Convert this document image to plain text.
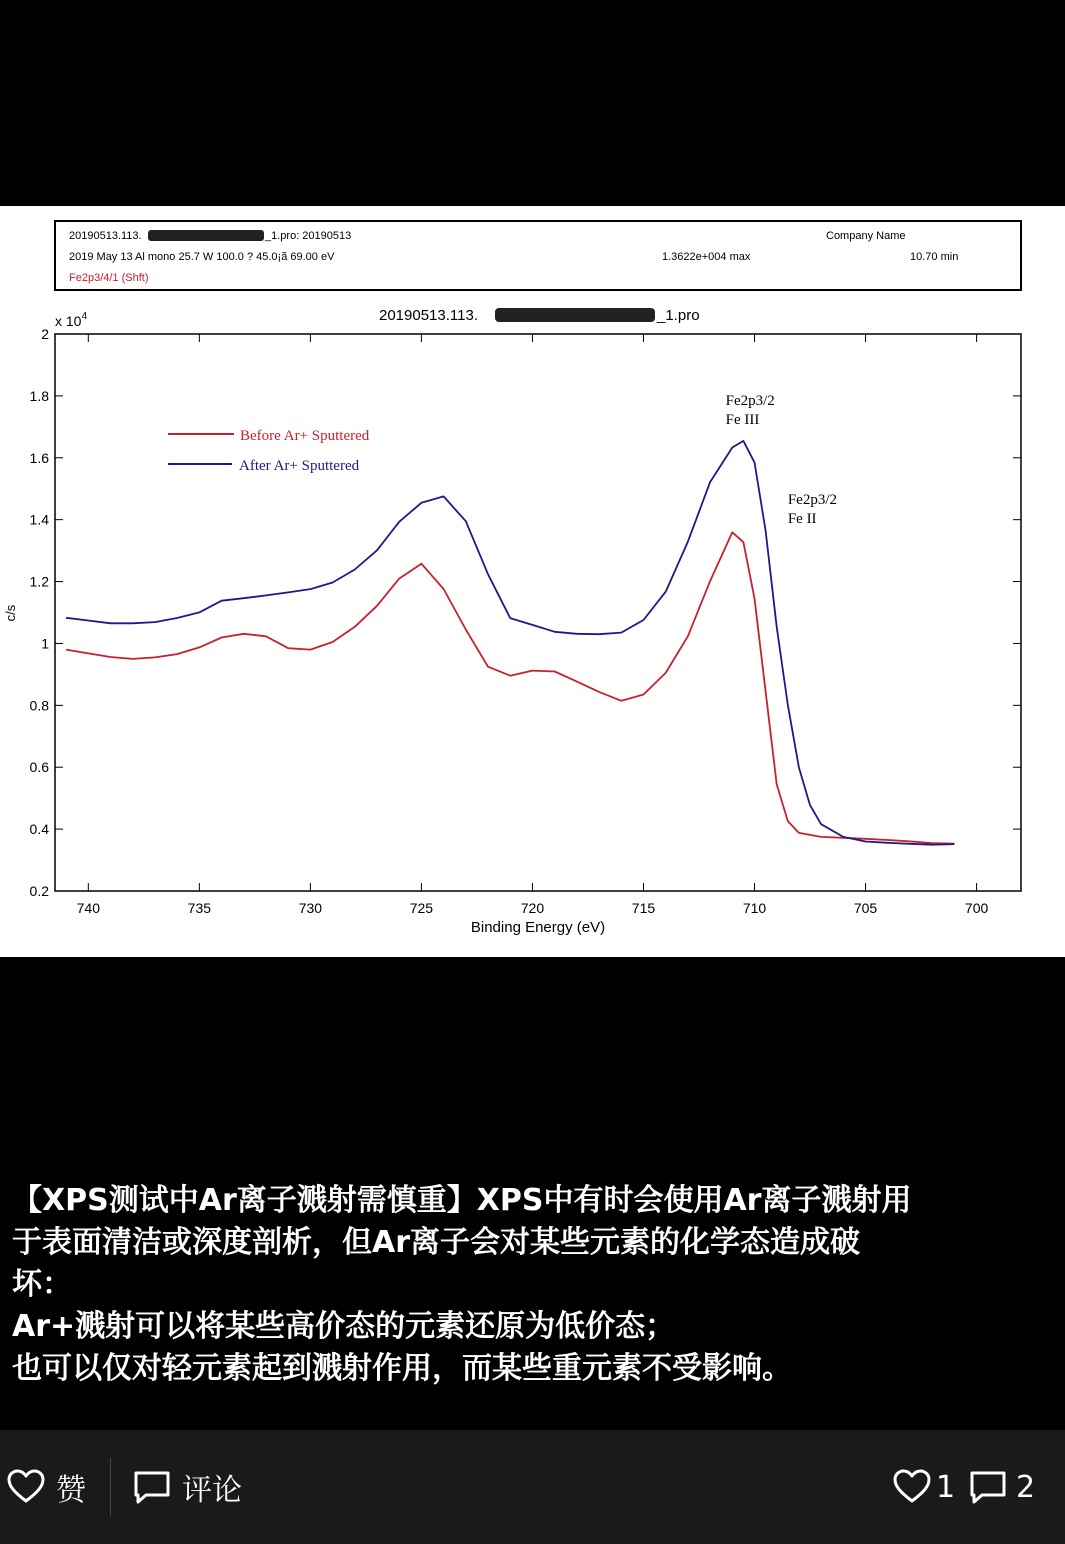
20190513.113.	_1.pro: 20190513	Company Name
2019 May 13 Al mono 25.7 W 100.0 ? 45.0¡ã 69.00 eV	1.3622e+004 max	10.70 min
Fe2p3/4/1 (Shft)
20190513.113.	_1.pro
x $10^4$
740	735	730	725	720	715	710	705	700
0.2
0.4
0.6
0.8
1
1.2
1.4
1.6
1.8
2
Binding Energy (eV)
c/s
Before Ar+ Sputtered
After Ar+ Sputtered
Fe2p3/2
Fe III
Fe2p3/2
Fe II
【XPS测试中Ar离子溅射需慎重】XPS中有时会使用Ar离子溅射用
于表面清洁或深度剖析，但Ar离子会对某些元素的化学态造成破
坏：
Ar+溅射可以将某些高价态的元素还原为低价态；
也可以仅对轻元素起到溅射作用，而某些重元素不受影响。
赞	评论	1 2
